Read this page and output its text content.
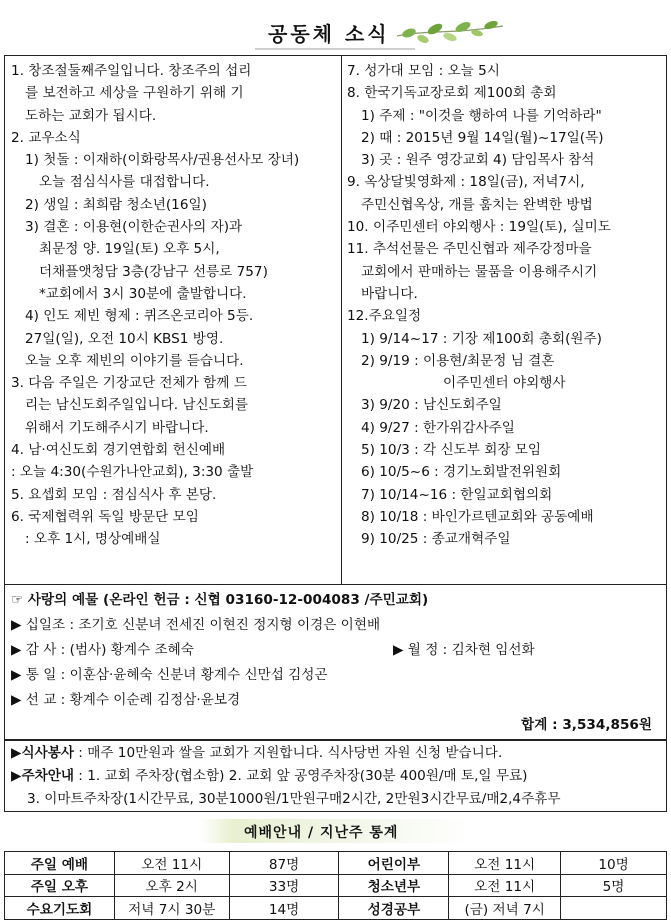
공동체 소식
1. 창조절둘째주일입니다. 창조주의 섭리
를 보전하고 세상을 구원하기 위해 기
도하는 교회가 됩시다.
2. 교우소식
1) 첫돌 : 이재하(이화랑목사/권용선사모 장녀)
오늘 점심식사를 대접합니다.
2) 생일 : 최희람 청소년(16일)
3) 결혼 : 이용현(이한순권사의 자)과
최문정 양. 19일(토) 오후 5시,
더채플앳청담 3층(강남구 선릉로 757)
*교회에서 3시 30분에 출발합니다.
4) 인도 제빈 형제 : 퀴즈온코리아 5등.
27일(일), 오전 10시 KBS1 방영.
오늘 오후 제빈의 이야기를 듣습니다.
3. 다음 주일은 기장교단 전체가 함께 드
리는 남신도회주일입니다. 남신도회를
위해서 기도해주시기 바랍니다.
4. 남·여신도회 경기연합회 헌신예배
: 오늘 4:30(수원가나안교회), 3:30 출발
5. 요셉회 모임 : 점심식사 후 본당.
6. 국제협력위 독일 방문단 모임
: 오후 1시, 명상예배실
7. 성가대 모임 : 오늘 5시
8. 한국기독교장로회 제100회 총회
1) 주제 : "이것을 행하여 나를 기억하라"
2) 때 : 2015년 9월 14일(월)~17일(목)
3) 곳 : 원주 영강교회 4) 담임목사 참석
9. 옥상달빛영화제 : 18일(금), 저녁7시,
주민신협옥상, 개를 훔치는 완벽한 방법
10. 이주민센터 야외행사 : 19일(토), 실미도
11. 추석선물은 주민신협과 제주강정마을
교회에서 판매하는 물품을 이용해주시기
바랍니다.
12.주요일정
1) 9/14~17 : 기장 제100회 총회(원주)
2) 9/19 : 이용현/최문정 님 결혼
이주민센터 야외행사
3) 9/20 : 남신도회주일
4) 9/27 : 한가위감사주일
5) 10/3 : 각 신도부 회장 모임
6) 10/5~6 : 경기노회발전위원회
7) 10/14~16 : 한일교회협의회
8) 10/18 : 바인가르텐교회와 공동예배
9) 10/25 : 종교개혁주일
☞ 사랑의 예물 (온라인 헌금 : 신협 03160-12-004083 /주민교회)
▶ 십일조 : 조기호 신분녀 전세진 이현진 정지형 이경은 이현배
▶ 감 사 : (범사) 황계수 조혜숙	▶ 월 정 : 김차현 임선화
▶ 통 일 : 이훈삼·윤혜숙 신분녀 황계수 신만섭 김성곤
▶ 선 교 : 황계수 이순례 김정삼·윤보경
합계 : 3,534,856원
▶식사봉사 : 매주 10만원과 쌀을 교회가 지원합니다. 식사당번 자원 신청 받습니다.
▶주차안내 : 1. 교회 주차장(협소함) 2. 교회 앞 공영주차장(30분 400원/매 토,일 무료)
3. 이마트주차장(1시간무료, 30분1000원/1만원구매2시간, 2만원3시간무료/매2,4주휴무
예배안내 / 지난주 통계
주일 예배	오전 11시	87명	어린이부	오전 11시	10명
주일 오후	오후 2시	33명	청소년부	오전 11시	5명
수요기도회	저녁 7시 30분	14명	성경공부	(금) 저녁 7시	
